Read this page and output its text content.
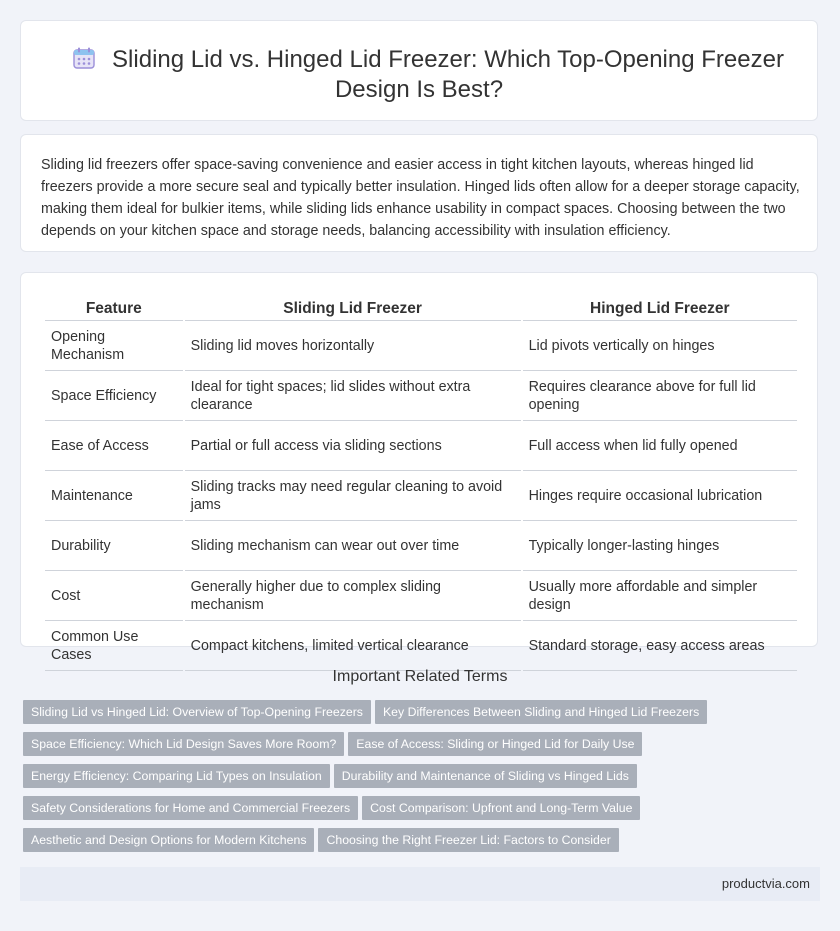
Sliding Lid vs. Hinged Lid Freezer: Which Top-Opening Freezer
Design Is Best?

Sliding lid freezers offer space-saving convenience and easier access in tight kitchen layouts, whereas hinged lid freezers provide a more secure seal and typically better insulation. Hinged lids often allow for a deeper storage capacity, making them ideal for bulkier items, while sliding lids enhance usability in compact spaces. Choosing between the two depends on your kitchen space and storage needs, balancing accessibility with insulation efficiency.

Feature	Sliding Lid Freezer	Hinged Lid Freezer
Opening Mechanism	Sliding lid moves horizontally	Lid pivots vertically on hinges
Space Efficiency	Ideal for tight spaces; lid slides without extra clearance	Requires clearance above for full lid opening
Ease of Access	Partial or full access via sliding sections	Full access when lid fully opened
Maintenance	Sliding tracks may need regular cleaning to avoid jams	Hinges require occasional lubrication
Durability	Sliding mechanism can wear out over time	Typically longer-lasting hinges
Cost	Generally higher due to complex sliding mechanism	Usually more affordable and simpler design
Common Use Cases	Compact kitchens, limited vertical clearance	Standard storage, easy access areas
Important Related Terms
Sliding Lid vs Hinged Lid: Overview of Top-Opening Freezers Key Differences Between Sliding and Hinged Lid Freezers
Space Efficiency: Which Lid Design Saves More Room? Ease of Access: Sliding or Hinged Lid for Daily Use
Energy Efficiency: Comparing Lid Types on Insulation Durability and Maintenance of Sliding vs Hinged Lids
Safety Considerations for Home and Commercial Freezers Cost Comparison: Upfront and Long-Term Value
Aesthetic and Design Options for Modern Kitchens Choosing the Right Freezer Lid: Factors to Consider
productvia.com
